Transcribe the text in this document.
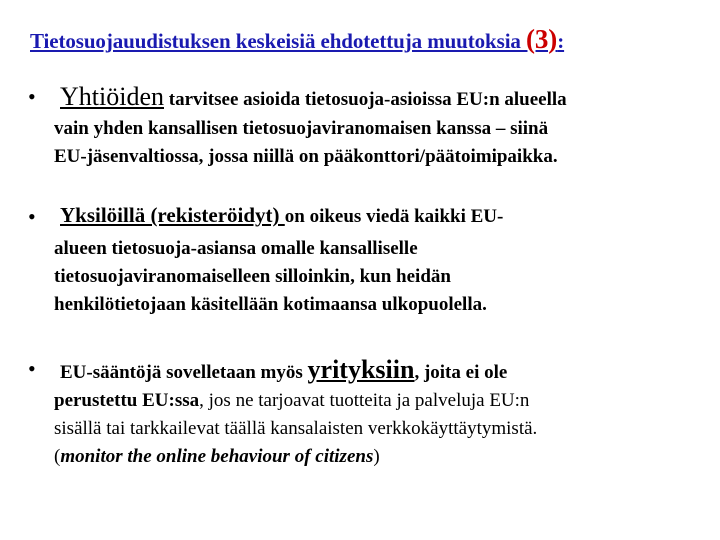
Tietosuojauudistuksen keskeisiä ehdotettuja muutoksia (3):
• Yhtiöiden tarvitsee asioida tietosuoja-asioissa EU:n alueella
vain yhden kansallisen tietosuojaviranomaisen kanssa – siinä
EU-jäsenvaltiossa, jossa niillä on pääkonttori/päätoimipaikka.
• Yksilöillä (rekisteröidyt) on oikeus viedä kaikki EU-
alueen tietosuoja-asiansa omalle kansalliselle
tietosuojaviranomaiselleen silloinkin, kun heidän
henkilötietojaan käsitellään kotimaansa ulkopuolella.
• EU-sääntöjä sovelletaan myös yrityksiin, joita ei ole
perustettu EU:ssa, jos ne tarjoavat tuotteita ja palveluja EU:n
sisällä tai tarkkailevat täällä kansalaisten verkkokäyttäytymistä.
(monitor the online behaviour of citizens)
